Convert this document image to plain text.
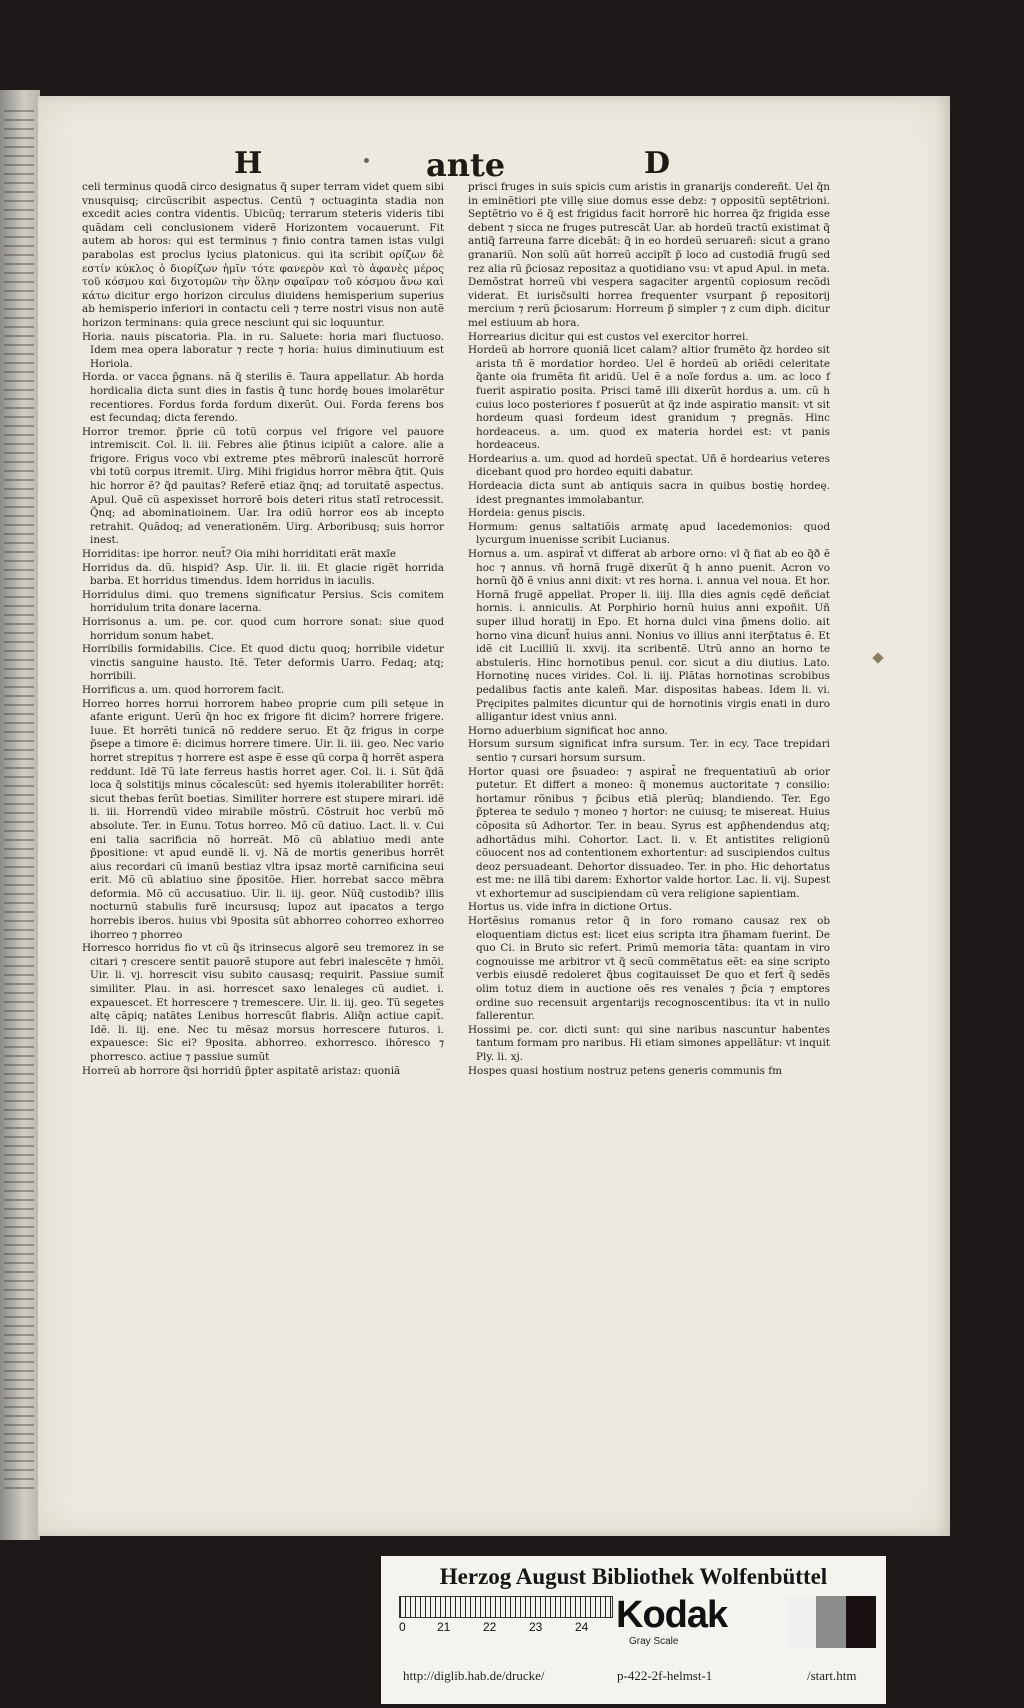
H	ante	D

celi terminus quodã circo designatus q̃ super terram videt quem sibi vnusquisq; circũscribit aspectus. Centũ ⁊ octuaginta stadia non excedit acies contra videntis. Ubicũq; terrarum steteris videris tibi quãdam celi conclusionem viderẽ Horizontem vocauerunt. Fit autem ab horos: qui est terminus ⁊ finio contra tamen istas vulgi parabolas est proclus lycius platonicus. qui ita scribit ορίζων δὲ εστίν κύκλος ὁ διορίζων ἡμῖν τότε φανερὸν καὶ τὸ ἀφανὲς μέρος τοῦ κόσμου καὶ διχοτομῶν τὴν ὅλην σφαῖραν τοῦ κόσμου ἄνω καὶ κάτω dicitur ergo horizon circulus diuidens hemisperium superius ab hemisperio inferiori in contactu celi ⁊ terre nostri visus non autẽ horizon terminans: quia grece nesciunt qui sic loquuntur.

Horia. nauis piscatoria. Pla. in ru. Saluete: horia mari fluctuoso. Idem mea opera laboratur ⁊ recte ⁊ horia: huius diminutiuum est Horiola.

Horda. or vacca p̃gnans. nã q̃ sterilis ẽ. Taura appellatur. Ab horda hordicalia dicta sunt dies in fastis q̃ tunc hordę boues imolarẽtur recentiores. Fordus forda fordum dixerũt. Oui. Forda ferens bos est fecundaq; dicta ferendo.

Horror tremor. p̃prie cũ totũ corpus vel frigore vel pauore intremiscit. Col. li. iii. Febres alie p̃tinus icipiũt a calore. alie a frigore. Frigus voco vbi extreme ptes mẽbrorũ inalescũt horrorẽ vbi totũ corpus itremit. Uirg. Mihi frigidus horror mẽbra q̃tit. Quis hic horror ẽ? q̃d pauitas? Referẽ etiaz q̃nq; ad toruitatẽ aspectus. Apul. Quẽ cũ aspexisset horrorẽ bois deteri ritus statĩ retrocessit. Q̃nq; ad abominatioinem. Uar. Ira odiũ horror eos ab incepto retrahit. Quãdoq; ad venerationẽm. Uirg. Arboribusq; suis horror inest.

Horriditas: ipe horror. neut̃? Oia mihi horriditati erãt maxĩe

Horridus da. dũ. hispid? Asp. Uir. li. iii. Et glacie rigẽt horrida barba. Et horridus timendus. Idem horridus in iaculis.

Horridulus dimi. quo tremens significatur Persius. Scis comitem horridulum trita donare lacerna.

Horrisonus a. um. pe. cor. quod cum horrore sonat: siue quod horridum sonum habet.

Horribilis formidabilis. Cice. Et quod dictu quoq; horribile videtur vinctis sanguine hausto. Itẽ. Teter deformis Uarro. Fedaq; atq; horribili.

Horrificus a. um. quod horrorem facit.

Horreo horres horrui horrorem habeo proprie cum pili setęue in afante erigunt. Uerũ q̃n hoc ex frigore fit dicim? horrere frigere. Iuue. Et horrẽti tunicã nõ reddere seruo. Et q̃z frigus in corpe p̃sepe a timore ẽ: dicimus horrere timere. Uir. li. iii. geo. Nec vario horret strepitus ⁊ horrere est aspe ẽ esse qũ corpa q̃ horrẽt aspera reddunt. Idẽ Tũ late ferreus hastis horret ager. Col. li. i. Sũt q̃dã loca q̃ solstitijs minus cõcalescũt: sed hyemis itolerabiliter horrẽt: sicut thebas ferũt boetias. Similiter horrere est stupere mirari. idẽ li. iii. Horrendũ video mirabile mõstrũ. Cõstruit hoc verbũ mõ absolute. Ter. in Eunu. Totus horreo. Mõ cũ datiuo. Lact. li. v. Cui eni talia sacrificia nõ horreãt. Mõ cũ ablatiuo medi ante p̃positione: vt apud eundẽ li. vj. Nã de mortis generibus horrẽt aius recordari cũ imanũ bestiaz vltra ipsaz mortẽ carnificina seui erit. Mõ cũ ablatiuo sine p̃positõe. Hier. horrebat sacco mẽbra deformia. Mõ cũ accusatiuo. Uir. li. iij. geor. Nũq̃ custodib? illis nocturnũ stabulis furẽ incursusq; lupoz aut ipacatos a tergo horrebis iberos. huius vbi 9posita sũt abhorreo cohorreo exhorreo ihorreo ⁊ phorreo

Horresco horridus fio vt cũ q̃s itrinsecus algorẽ seu tremorez in se citari ⁊ crescere sentit pauorẽ stupore aut febri inalescẽte ⁊ hmõi. Uir. li. vj. horrescit visu subito causasq; requirit. Passiue sumit̃ similiter. Plau. in asi. horrescet saxo lenaleges cũ audiet. i. expauescet. Et horrescere ⁊ tremescere. Uir. li. iij. geo. Tũ segetes altę cãpiq; natãtes Lenibus horrescũt flabris. Aliq̃n actiue capit̃. Idẽ. li. iij. ene. Nec tu mẽsaz morsus horrescere futuros. i. expauesce: Sic ei? 9posita. abhorreo. exhorresco. ihõresco ⁊ phorresco. actiue ⁊ passiue sumũt

Horreũ ab horrore q̃si horridũ p̃pter aspitatẽ aristaz: quoniã

prisci fruges in suis spicis cum aristis in granarijs condereñt. Uel q̃n in eminẽtiori pte villę siue domus esse debz: ⁊ oppositũ septẽtrioni. Septẽtrio vo ẽ q̃ est frigidus facit horrorẽ hic horrea q̃z frigida esse debent ⁊ sicca ne fruges putrescãt Uar. ab hordeũ tractũ existimat q̃ antiq̃ farreuna farre dicebãt: q̃ in eo hordeũ seruareñ: sicut a grano granariũ. Non solũ aũt horreũ accipĩt p̃ loco ad custodiã frugũ sed rez alia rũ p̃ciosaz repositaz a quotidiano vsu: vt apud Apul. in meta. Demõstrat horreũ vbi vespera sagaciter argentũ copiosum recõdi viderat. Et iurisc̃sulti horrea frequenter vsurpant p̃ repositorij mercium ⁊ rerũ p̃ciosarum: Horreum p̃ simpler ⁊ z cum diph. dicitur mel estiuum ab hora.

Horrearius dicitur qui est custos vel exercitor horrei.

Hordeũ ab horrore quoniã licet calam? altior frumẽto q̃z hordeo sit arista tñ ẽ mordatior hordeo. Uel ẽ hordeũ ab oriẽdi celeritate q̃ante oia frumẽta fit aridũ. Uel ẽ a noĩe fordus a. um. ac loco f fuerit aspiratio posita. Prisci tamẽ illi dixerũt hordus a. um. cũ h cuius loco posteriores f posuerũt at q̃z inde aspiratio mansit: vt sit hordeum quasi fordeum idest granidum ⁊ pregnãs. Hinc hordeaceus. a. um. quod ex materia hordei est: vt panis hordeaceus.

Hordearius a. um. quod ad hordeũ spectat. Uñ ẽ hordearius veteres dicebant quod pro hordeo equiti dabatur.

Hordeacia dicta sunt ab antiquis sacra in quibus bostię hordeę. idest pregnantes immolabantur.

Hordeia: genus piscis.

Hormum: genus saltatiõis armatę apud lacedemonios: quod lycurgum inuenisse scribit Lucianus.

Hornus a. um. aspirat̃ vt differat ab arbore orno: vl q̃ fiat ab eo q̃ð ẽ hoc ⁊ annus. vñ hornã frugẽ dixerũt q̃ h anno puenit. Acron vo hornũ q̃ð ẽ vnius anni dixit: vt res horna. i. annua vel noua. Et hor. Hornã frugẽ appellat. Proper li. iiij. Illa dies agnis cędẽ deñciat hornis. i. anniculis. At Porphirio hornũ huius anni expoñit. Uñ super illud horatij in Epo. Et horna dulci vina p̃mens dolio. ait horno vina dicunt̃ huius anni. Nonius vo illius anni iterp̃tatus ẽ. Et idẽ cit Lucilliũ li. xxvij. ita scribentẽ. Utrũ anno an horno te abstuleris. Hinc hornotibus penul. cor. sicut a diu diutius. Lato. Hornotinę nuces virides. Col. li. iij. Plãtas hornotinas scrobibus pedalibus factis ante kaleñ. Mar. dispositas habeas. Idem li. vi. Pręcipites palmites dicuntur qui de hornotinis virgis enati in duro alligantur idest vnius anni.

Horno aduerbium significat hoc anno.

Horsum sursum significat infra sursum. Ter. in ecy. Tace trepidari sentio ⁊ cursari horsum sursum.

Hortor quasi ore p̃suadeo: ⁊ aspirat̃ ne frequentatiuũ ab orior putetur. Et differt a moneo: q̃ monemus auctoritate ⁊ consilio: hortamur rõnibus ⁊ p̃cibus etiã plerũq; blandiendo. Ter. Ego p̃pterea te sedulo ⁊ moneo ⁊ hortor: ne cuiusq; te misereat. Huius cõposita sũ Adhortor. Ter. in beau. Syrus est app̃hendendus atq; adhortãdus mihi. Cohortor. Lact. li. v. Et antistites religionũ cõuocent nos ad contentionem exhortentur: ad suscipiendos cultus deoz persuadeant. Dehortor dissuadeo. Ter. in pho. Hic dehortatus est me: ne illã tibi darem: Exhortor valde hortor. Lac. li. vij. Supest vt exhortemur ad suscipiendam cũ vera religione sapientiam.

Hortus us. vide infra in dictione Ortus.

Hortẽsius romanus retor q̃ in foro romano causaz rex ob eloquentiam dictus est: licet eius scripta itra p̃hamam fuerint. De quo Ci. in Bruto sic refert. Primũ memoria tãta: quantam in viro cognouisse me arbitror vt q̃ secũ commẽtatus eẽt: ea sine scripto verbis eiusdẽ redoleret q̃bus cogitauisset De quo et fert̃ q̃ sedẽs olim totuz diem in auctione oẽs res venales ⁊ p̃cia ⁊ emptores ordine suo recensuit argentarijs recognoscentibus: ita vt in nullo fallerentur.

Hossimi pe. cor. dicti sunt: qui sine naribus nascuntur habentes tantum formam pro naribus. Hi etiam simones appellãtur: vt inquit Ply. li. xj.

Hospes quasi hostium nostruz petens generis communis fm

Herzog August Bibliothek Wolfenbüttel
0	21	22	23	24 Kodak
Gray Scale
http://diglib.hab.de/drucke/	p-422-2f-helmst-1	/start.htm
